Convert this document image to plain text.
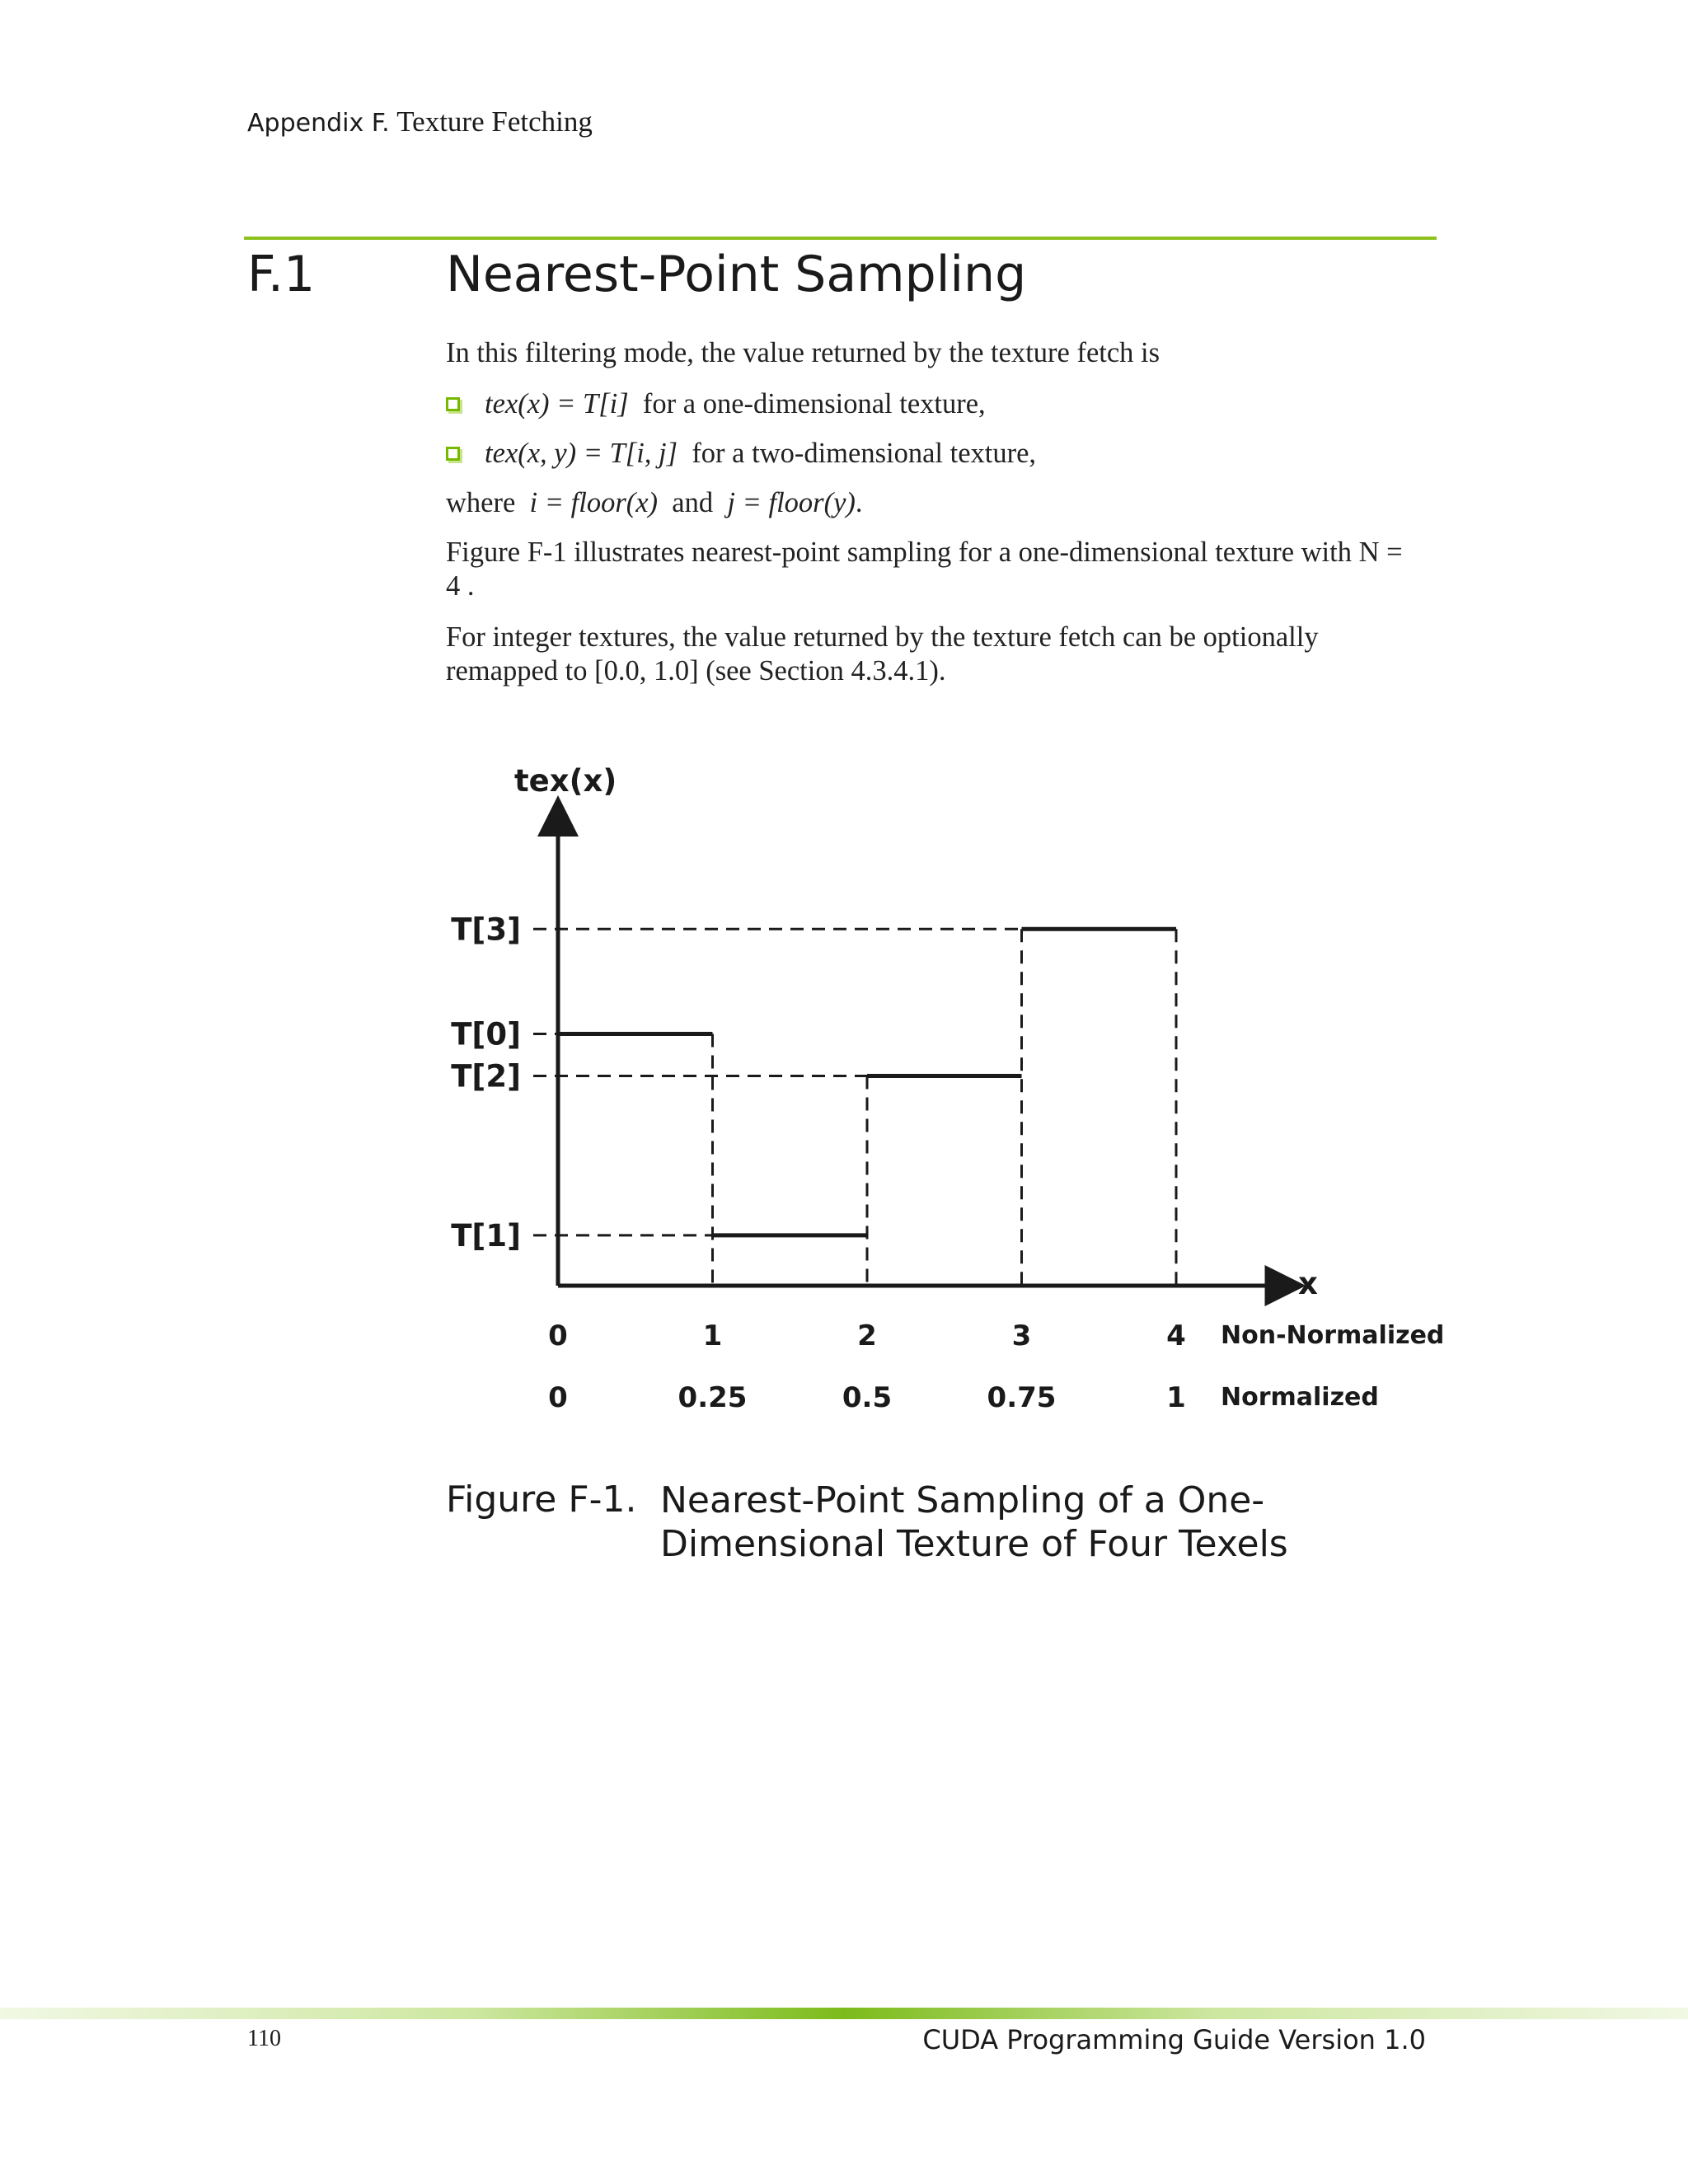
Appendix F. Texture Fetching
F.1	Nearest-Point Sampling
In this filtering mode, the value returned by the texture fetch is
tex(x) = T[i] for a one-dimensional texture,
tex(x, y) = T[i, j] for a two-dimensional texture,
where i = floor(x) and j = floor(y).
Figure F-1 illustrates nearest-point sampling for a one-dimensional texture with N = 4 .
For integer textures, the value returned by the texture fetch can be optionally remapped to [0.0, 1.0] (see Section 4.3.4.1).
tex(x)
x
T[0]
T[1]
T[2]
T[3]
0	1	2	3	4
0	0.25	0.5	0.75	1
Non-Normalized
Normalized
Figure F-1. Nearest-Point Sampling of a One-Dimensional Texture of Four Texels
110	CUDA Programming Guide Version 1.0
